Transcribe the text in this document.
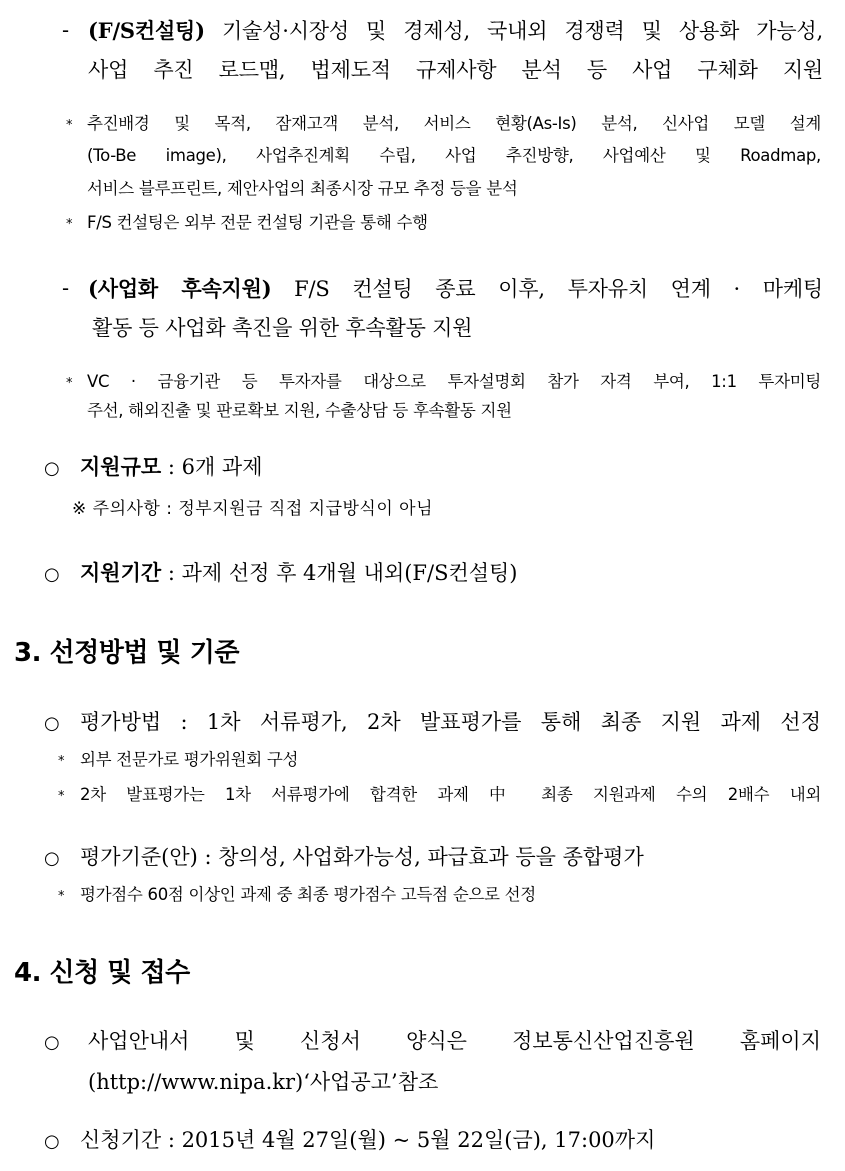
- (F/S컨설팅) 기술성·시장성 및 경제성, 국내외 경쟁력 및 상용화 가능성,
사업 추진 로드맵, 법제도적 규제사항 분석 등 사업 구체화 지원
* 추진배경 및 목적, 잠재고객 분석, 서비스 현황(As-Is) 분석, 신사업 모델 설계
(To-Be image), 사업추진계획 수립, 사업 추진방향, 사업예산 및 Roadmap,
서비스 블루프린트, 제안사업의 최종시장 규모 추정 등을 분석
* F/S 컨설팅은 외부 전문 컨설팅 기관을 통해 수행
- (사업화 후속지원) F/S 컨설팅 종료 이후, 투자유치 연계 · 마케팅
활동 등 사업화 촉진을 위한 후속활동 지원
* VC · 금융기관 등 투자자를 대상으로 투자설명회 참가 자격 부여, 1:1 투자미팅
주선, 해외진출 및 판로확보 지원, 수출상담 등 후속활동 지원
○ 지원규모 : 6개 과제
※ 주의사항 : 정부지원금 직접 지급방식이 아님
○ 지원기간 : 과제 선정 후 4개월 내외(F/S컨설팅)
3. 선정방법 및 기준
○ 평가방법 : 1차 서류평가, 2차 발표평가를 통해 최종 지원 과제 선정
* 외부 전문가로 평가위원회 구성
* 2차 발표평가는 1차 서류평가에 합격한 과제 中 최종 지원과제 수의 2배수 내외
○ 평가기준(안) : 창의성, 사업화가능성, 파급효과 등을 종합평가
* 평가점수 60점 이상인 과제 중 최종 평가점수 고득점 순으로 선정
4. 신청 및 접수
○ 사업안내서 및 신청서 양식은 정보통신산업진흥원 홈페이지
(http://www.nipa.kr)‘사업공고’참조
○ 신청기간 : 2015년 4월 27일(월) ~ 5월 22일(금), 17:00까지
